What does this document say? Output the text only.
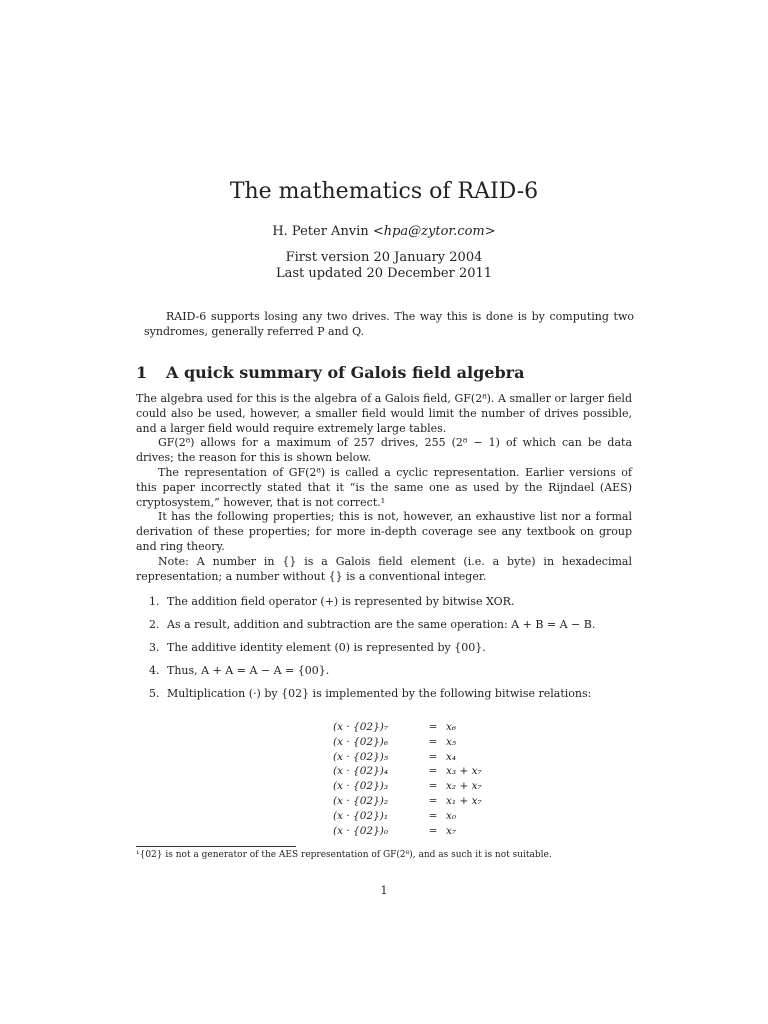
The mathematics of RAID-6
H. Peter Anvin <hpa@zytor.com>
First version 20 January 2004
Last updated 20 December 2011
RAID-6 supports losing any two drives. The way this is done is by computing two syndromes, generally referred P and Q.
1 A quick summary of Galois field algebra

The algebra used for this is the algebra of a Galois field, GF(2⁸). A smaller or larger field could also be used, however, a smaller field would limit the number of drives possible, and a larger field would require extremely large tables.

GF(2⁸) allows for a maximum of 257 drives, 255 (2⁸ − 1) of which can be data drives; the reason for this is shown below.

The representation of GF(2⁸) is called a cyclic representation. Earlier versions of this paper incorrectly stated that it “is the same one as used by the Rijndael (AES) cryptosystem,” however, that is not correct.¹

It has the following properties; this is not, however, an exhaustive list nor a formal derivation of these properties; for more in-depth coverage see any textbook on group and ring theory.

Note: A number in {} is a Galois field element (i.e. a byte) in hexadecimal representation; a number without {} is a conventional integer.

1. The addition field operator (+) is represented by bitwise XOR.
2. As a result, addition and subtraction are the same operation: A + B = A − B.
3. The additive identity element (0) is represented by {00}.
4. Thus, A + A = A − A = {00}.
5. Multiplication (·) by {02} is implemented by the following bitwise relations:
(x · {02})₇	= x₆
(x · {02})₆	= x₅
(x · {02})₅	= x₄
(x · {02})₄	= x₃ + x₇
(x · {02})₃	= x₂ + x₇
(x · {02})₂	= x₁ + x₇
(x · {02})₁	= x₀
(x · {02})₀	= x₇
¹{02} is not a generator of the AES representation of GF(2⁸), and as such it is not suitable.
1
